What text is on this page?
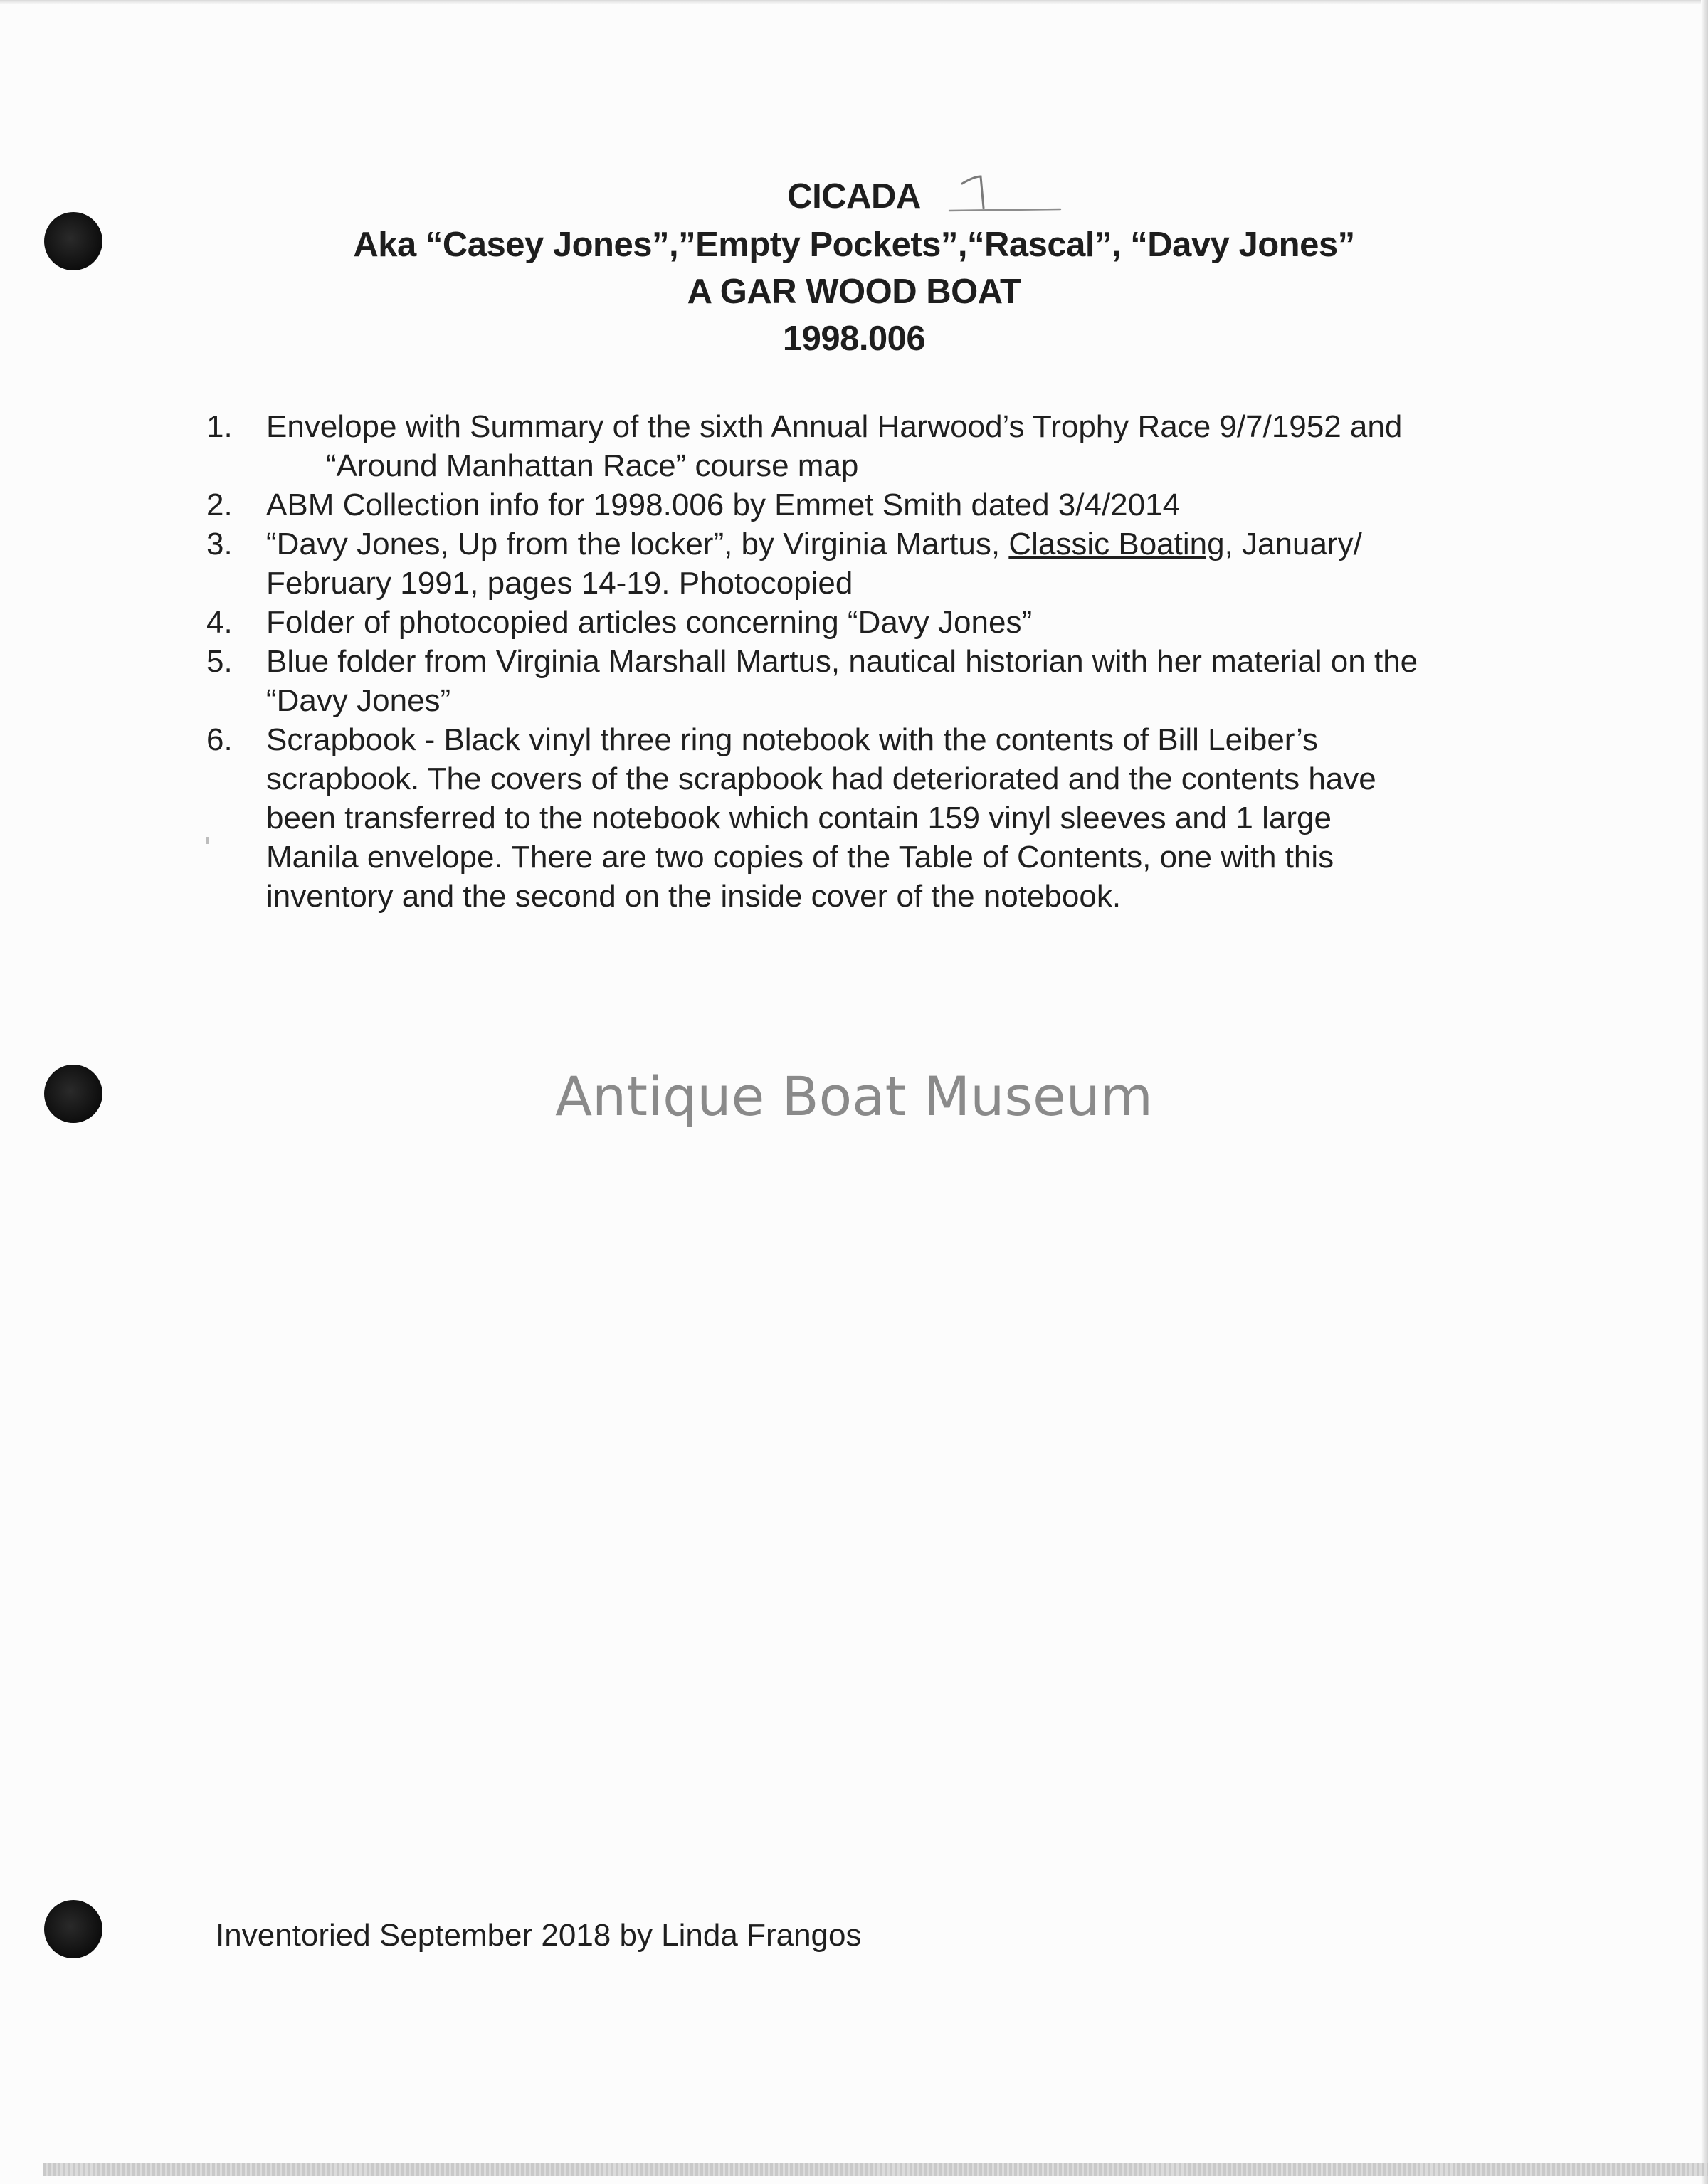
CICADA
Aka “Casey Jones”,”Empty Pockets”,“Rascal”, “Davy Jones”
A GAR WOOD BOAT
1998.006
1. Envelope with Summary of the sixth Annual Harwood’s Trophy Race 9/7/1952 and
“Around Manhattan Race” course map
2. ABM Collection info for 1998.006 by Emmet Smith dated 3/4/2014
3. “Davy Jones, Up from the locker”, by Virginia Martus, Classic Boating, January/
February 1991, pages 14-19. Photocopied
4. Folder of photocopied articles concerning “Davy Jones”
5. Blue folder from Virginia Marshall Martus, nautical historian with her material on the
“Davy Jones”
6. Scrapbook - Black vinyl three ring notebook with the contents of Bill Leiber’s
scrapbook. The covers of the scrapbook had deteriorated and the contents have
been transferred to the notebook which contain 159 vinyl sleeves and 1 large
Manila envelope. There are two copies of the Table of Contents, one with this
inventory and the second on the inside cover of the notebook.
Antique Boat Museum
Inventoried September 2018 by Linda Frangos
